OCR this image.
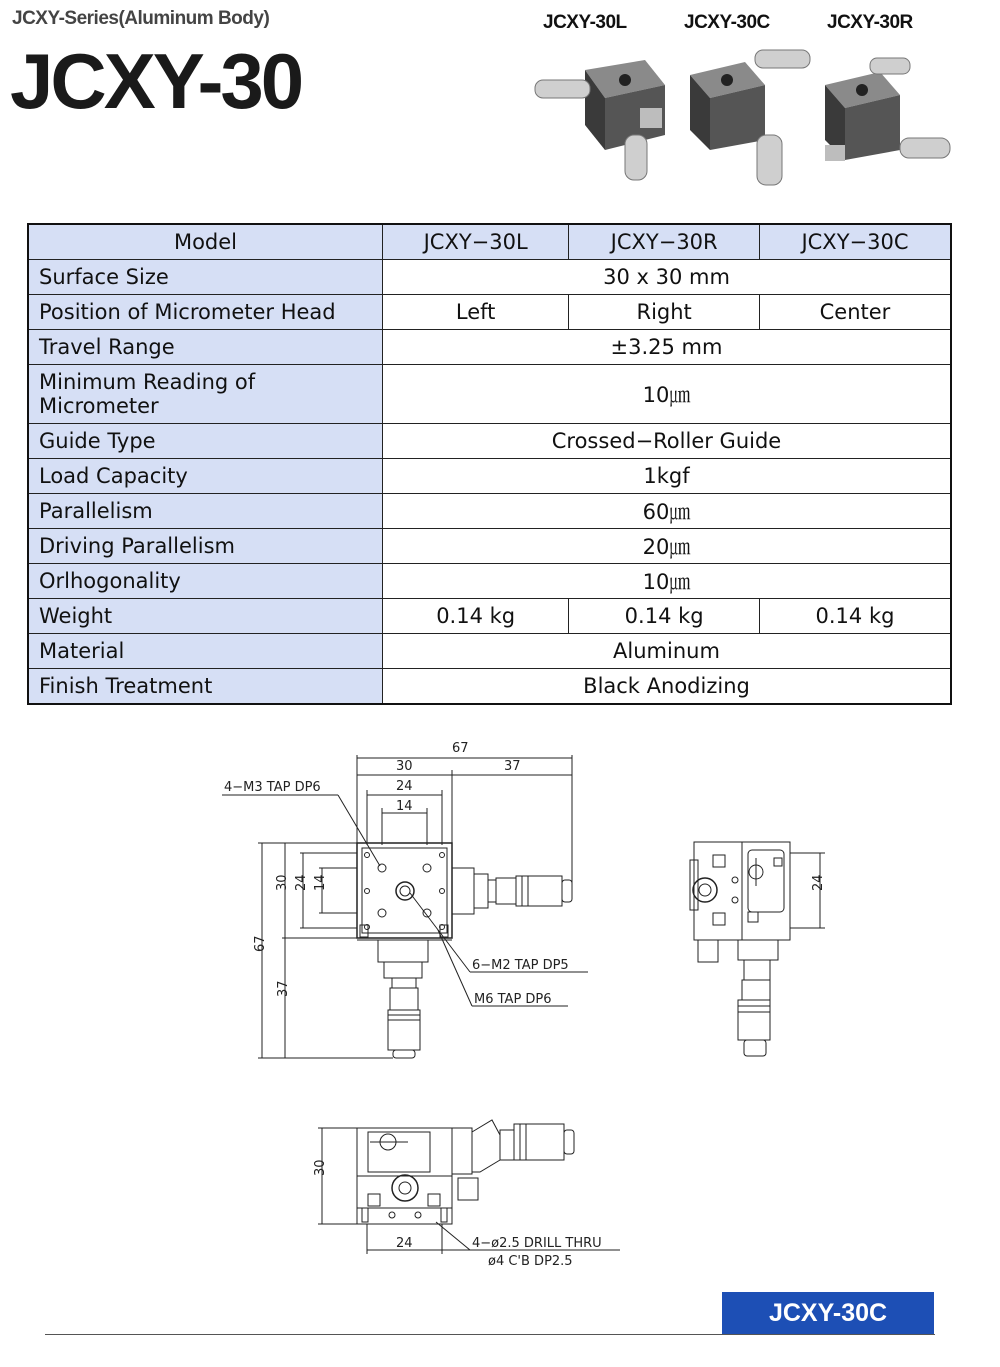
JCXY-Series(Aluminum Body)
JCXY-30
JCXY-30L	JCXY-30C	JCXY-30R
Model	JCXY−30L	JCXY−30R	JCXY−30C
Surface Size	30 x 30 mm		
Position of Micrometer Head	Left	Right	Center
Travel Range	±3.25 mm		
Minimum Reading of Micrometer	10㎛		
Guide Type	Crossed−Roller Guide		
Load Capacity	1kgf		
Parallelism	60㎛		
Driving Parallelism	20㎛		
Orlhogonality	10㎛		
Weight	0.14 kg	0.14 kg	0.14 kg
Material	Aluminum		
Finish Treatment	Black Anodizing		
67
30	37
24
14
30 24 14
67
37
24
30
24
4−M3 TAP DP6
6−M2 TAP DP5
M6 TAP DP6
4−ø2.5 DRILL THRU
ø4 C'B DP2.5
JCXY-30C
